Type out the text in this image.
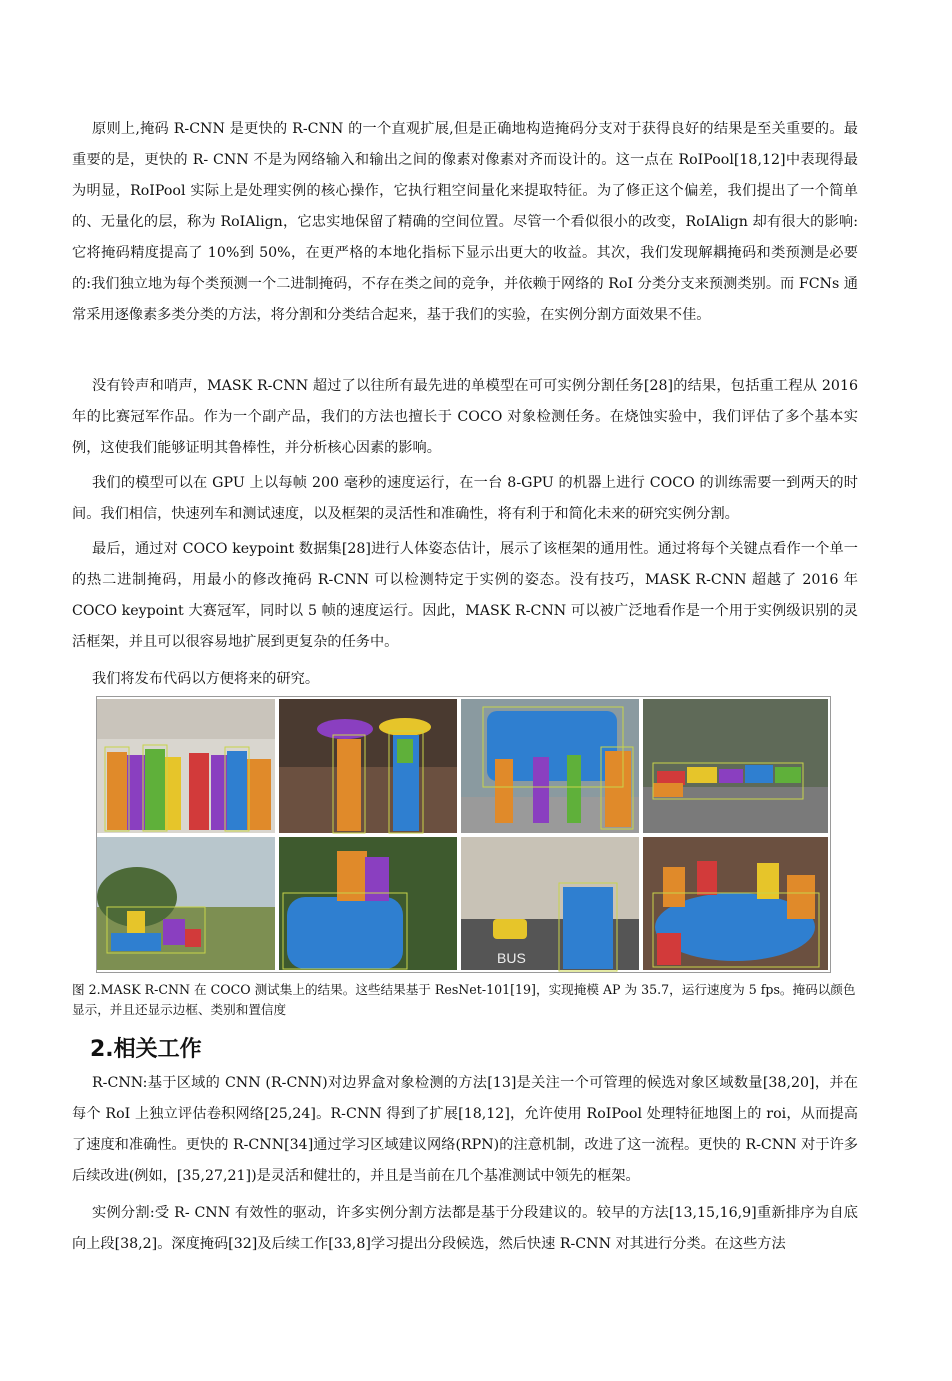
原则上,掩码 R-CNN 是更快的 R-CNN 的一个直观扩展,但是正确地构造掩码分支对于获得良好的结果是至关重要的。最重要的是，更快的 R- CNN 不是为网络输入和输出之间的像素对像素对齐而设计的。这一点在 RoIPool[18,12]中表现得最为明显，RoIPool 实际上是处理实例的核心操作，它执行粗空间量化来提取特征。为了修正这个偏差，我们提出了一个简单的、无量化的层，称为 RoIAlign，它忠实地保留了精确的空间位置。尽管一个看似很小的改变，RoIAlign 却有很大的影响:它将掩码精度提高了 10%到 50%，在更严格的本地化指标下显示出更大的收益。其次，我们发现解耦掩码和类预测是必要的:我们独立地为每个类预测一个二进制掩码，不存在类之间的竞争，并依赖于网络的 RoI 分类分支来预测类别。而 FCNs 通常采用逐像素多类分类的方法，将分割和分类结合起来，基于我们的实验，在实例分割方面效果不佳。

没有铃声和哨声，MASK R-CNN 超过了以往所有最先进的单模型在可可实例分割任务[28]的结果，包括重工程从 2016 年的比赛冠军作品。作为一个副产品，我们的方法也擅长于 COCO 对象检测任务。在烧蚀实验中，我们评估了多个基本实例，这使我们能够证明其鲁棒性，并分析核心因素的影响。

我们的模型可以在 GPU 上以每帧 200 毫秒的速度运行，在一台 8-GPU 的机器上进行 COCO 的训练需要一到两天的时间。我们相信，快速列车和测试速度，以及框架的灵活性和准确性，将有利于和简化未来的研究实例分割。

最后，通过对 COCO keypoint 数据集[28]进行人体姿态估计，展示了该框架的通用性。通过将每个关键点看作一个单一的热二进制掩码，用最小的修改掩码 R-CNN 可以检测特定于实例的姿态。没有技巧，MASK R-CNN 超越了 2016 年 COCO keypoint 大赛冠军，同时以 5 帧的速度运行。因此，MASK R-CNN 可以被广泛地看作是一个用于实例级识别的灵活框架，并且可以很容易地扩展到更复杂的任务中。

我们将发布代码以方便将来的研究。

BUS

图 2.MASK R-CNN 在 COCO 测试集上的结果。这些结果基于 ResNet-101[19]，实现掩模 AP 为 35.7，运行速度为 5 fps。掩码以颜色显示，并且还显示边框、类别和置信度

2.相关工作

R-CNN:基于区域的 CNN (R-CNN)对边界盒对象检测的方法[13]是关注一个可管理的候选对象区域数量[38,20]，并在每个 RoI 上独立评估卷积网络[25,24]。R-CNN 得到了扩展[18,12]，允许使用 RoIPool 处理特征地图上的 roi，从而提高了速度和准确性。更快的 R-CNN[34]通过学习区域建议网络(RPN)的注意机制，改进了这一流程。更快的 R-CNN 对于许多后续改进(例如，[35,27,21])是灵活和健壮的，并且是当前在几个基准测试中领先的框架。

实例分割:受 R- CNN 有效性的驱动，许多实例分割方法都是基于分段建议的。较早的方法[13,15,16,9]重新排序为自底向上段[38,2]。深度掩码[32]及后续工作[33,8]学习提出分段候选，然后快速 R-CNN 对其进行分类。在这些方法
